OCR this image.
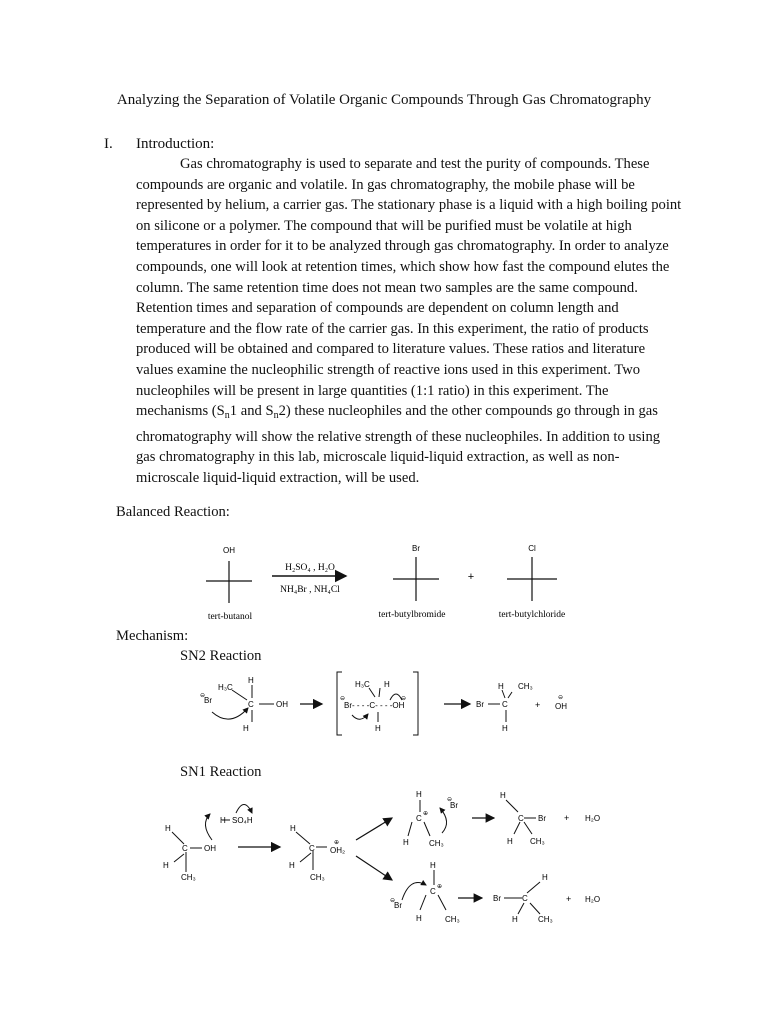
Analyzing the Separation of Volatile Organic Compounds Through Gas Chromatography
I. Introduction:
Gas chromatography is used to separate and test the purity of compounds. These compounds are organic and volatile. In gas chromatography, the mobile phase will be represented by helium, a carrier gas. The stationary phase is a liquid with a high boiling point on silicone or a polymer. The compound that will be purified must be volatile at high temperatures in order for it to be analyzed through gas chromatography. In order to analyze compounds, one will look at retention times, which show how fast the compound elutes the column. The same retention time does not mean two samples are the same compound. Retention times and separation of compounds are dependent on column length and temperature and the flow rate of the carrier gas. In this experiment, the ratio of products produced will be obtained and compared to literature values. These ratios and literature values examine the nucleophilic strength of reactive ions used in this experiment. Two nucleophiles will be present in large quantities (1:1 ratio) in this experiment. The mechanisms ($S_n1$ and $S_n2$) these nucleophiles and the other compounds go through in gas chromatography will show the relative strength of these nucleophiles. In addition to using gas chromatography in this lab, microscale liquid-liquid extraction, as well as non-microscale liquid-liquid extraction, will be used.
Balanced Reaction:
Mechanism:
SN2 Reaction
SN1 Reaction
OH
tert-butanol
H₂SO₄ , H₂O
NH₄Br , NH₄Cl
Br
tert-butylbromide
+
Cl
tert-butylchloride
⊖
Br
H₃C
H
C	OH
H
⊖
H₃C H
Br- - - -C- - - -OH
⊖
H
H CH₃
Br C
H
+
⊖
OH
H SO₄H
H
C OH
H
CH₃
H
C
⊕
OH₂
H
CH₃
H
C ⊕
⊖
Br
H	CH₃
H
C Br
H CH₃
+ H₂O
H
C ⊕
⊖
Br
H	CH₃
H
Br	C
H	CH₃
+ H₂O
